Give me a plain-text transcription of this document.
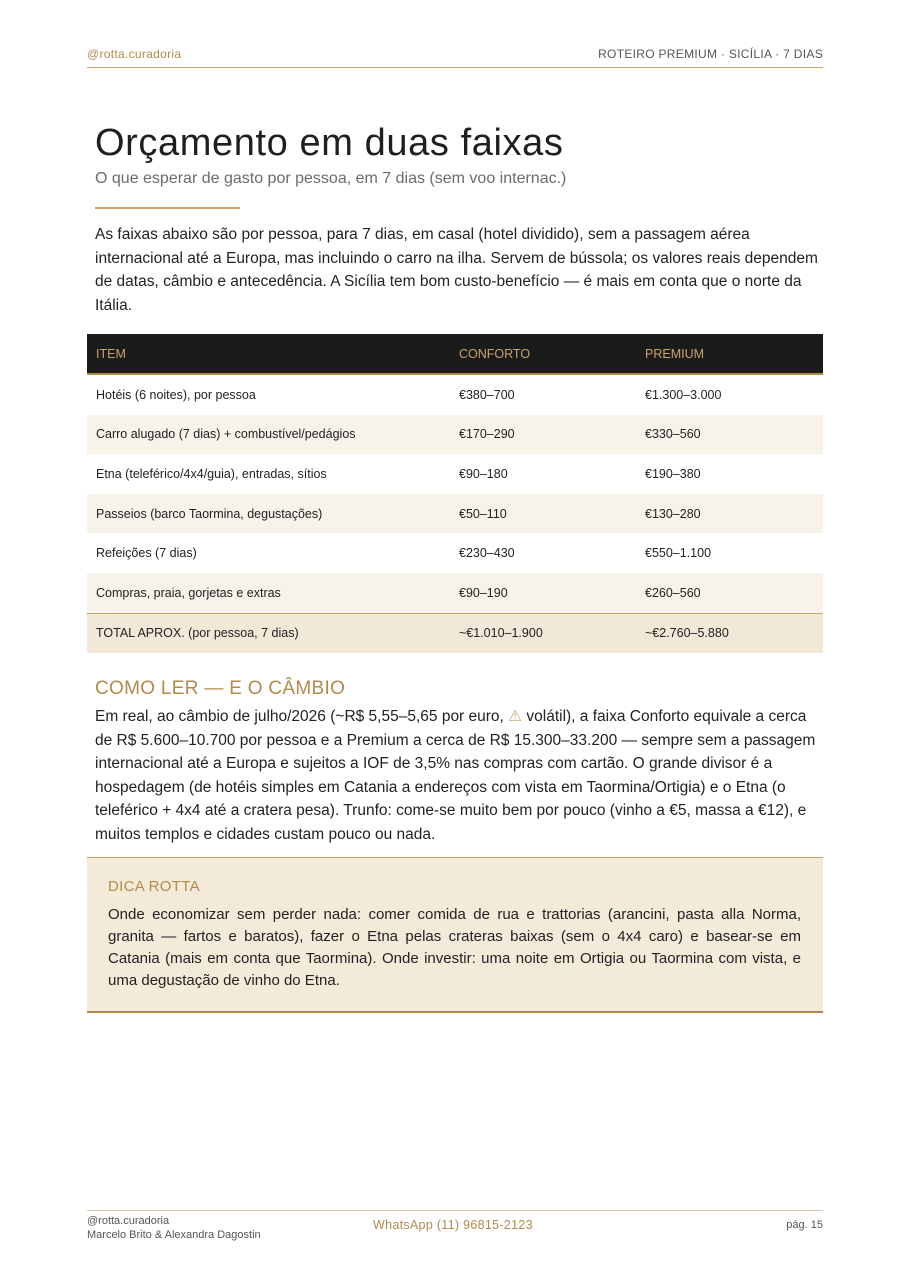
@rotta.curadoria	ROTEIRO PREMIUM · SICÍLIA · 7 DIAS
Orçamento em duas faixas
O que esperar de gasto por pessoa, em 7 dias (sem voo internac.)

As faixas abaixo são por pessoa, para 7 dias, em casal (hotel dividido), sem a passagem aérea internacional até a Europa, mas incluindo o carro na ilha. Servem de bússola; os valores reais dependem de datas, câmbio e antecedência. A Sicília tem bom custo-benefício — é mais em conta que o norte da Itália.

ITEM	CONFORTO	PREMIUM
Hotéis (6 noites), por pessoa	€380–700	€1.300–3.000
Carro alugado (7 dias) + combustível/pedágios	€170–290	€330–560
Etna (teleférico/4x4/guia), entradas, sítios	€90–180	€190–380
Passeios (barco Taormina, degustações)	€50–110	€130–280
Refeições (7 dias)	€230–430	€550–1.100
Compras, praia, gorjetas e extras	€90–190	€260–560
TOTAL APROX. (por pessoa, 7 dias)	~€1.010–1.900	~€2.760–5.880
COMO LER — E O CÂMBIO

Em real, ao câmbio de julho/2026 (~R$ 5,55–5,65 por euro, ⚠ volátil), a faixa Conforto equivale a cerca de R$ 5.600–10.700 por pessoa e a Premium a cerca de R$ 15.300–33.200 — sempre sem a passagem internacional até a Europa e sujeitos a IOF de 3,5% nas compras com cartão. O grande divisor é a hospedagem (de hotéis simples em Catania a endereços com vista em Taormina/Ortigia) e o Etna (o teleférico + 4x4 até a cratera pesa). Trunfo: come-se muito bem por pouco (vinho a €5, massa a €12), e muitos templos e cidades custam pouco ou nada.

DICA ROTTA

Onde economizar sem perder nada: comer comida de rua e trattorias (arancini, pasta alla Norma, granita — fartos e baratos), fazer o Etna pelas crateras baixas (sem o 4x4 caro) e basear-se em Catania (mais em conta que Taormina). Onde investir: uma noite em Ortigia ou Taormina com vista, e uma degustação de vinho do Etna.

@rotta.curadoria
Marcelo Brito & Alexandra Dagostin
WhatsApp (11) 96815-2123	pág. 15
